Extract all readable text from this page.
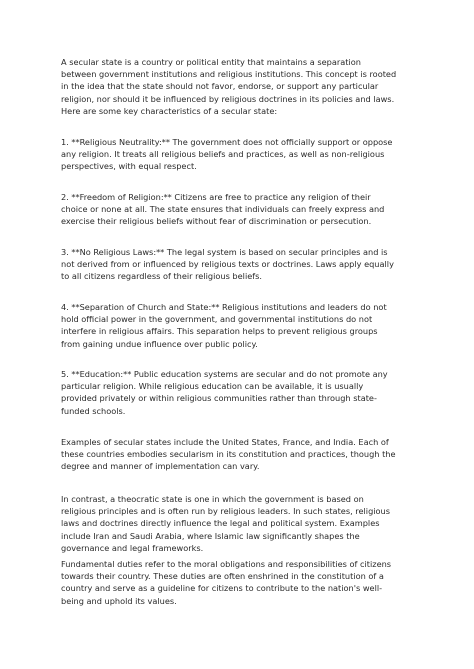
A secular state is a country or political entity that maintains a separation
between government institutions and religious institutions. This concept is rooted
in the idea that the state should not favor, endorse, or support any particular
religion, nor should it be influenced by religious doctrines in its policies and laws.
Here are some key characteristics of a secular state:

1. **Religious Neutrality:** The government does not officially support or oppose
any religion. It treats all religious beliefs and practices, as well as non-religious
perspectives, with equal respect.

2. **Freedom of Religion:** Citizens are free to practice any religion of their
choice or none at all. The state ensures that individuals can freely express and
exercise their religious beliefs without fear of discrimination or persecution.

3. **No Religious Laws:** The legal system is based on secular principles and is
not derived from or influenced by religious texts or doctrines. Laws apply equally
to all citizens regardless of their religious beliefs.

4. **Separation of Church and State:** Religious institutions and leaders do not
hold official power in the government, and governmental institutions do not
interfere in religious affairs. This separation helps to prevent religious groups
from gaining undue influence over public policy.

5. **Education:** Public education systems are secular and do not promote any
particular religion. While religious education can be available, it is usually
provided privately or within religious communities rather than through state-
funded schools.

Examples of secular states include the United States, France, and India. Each of
these countries embodies secularism in its constitution and practices, though the
degree and manner of implementation can vary.

In contrast, a theocratic state is one in which the government is based on
religious principles and is often run by religious leaders. In such states, religious
laws and doctrines directly influence the legal and political system. Examples
include Iran and Saudi Arabia, where Islamic law significantly shapes the
governance and legal frameworks.

Fundamental duties refer to the moral obligations and responsibilities of citizens
towards their country. These duties are often enshrined in the constitution of a
country and serve as a guideline for citizens to contribute to the nation's well-
being and uphold its values.
